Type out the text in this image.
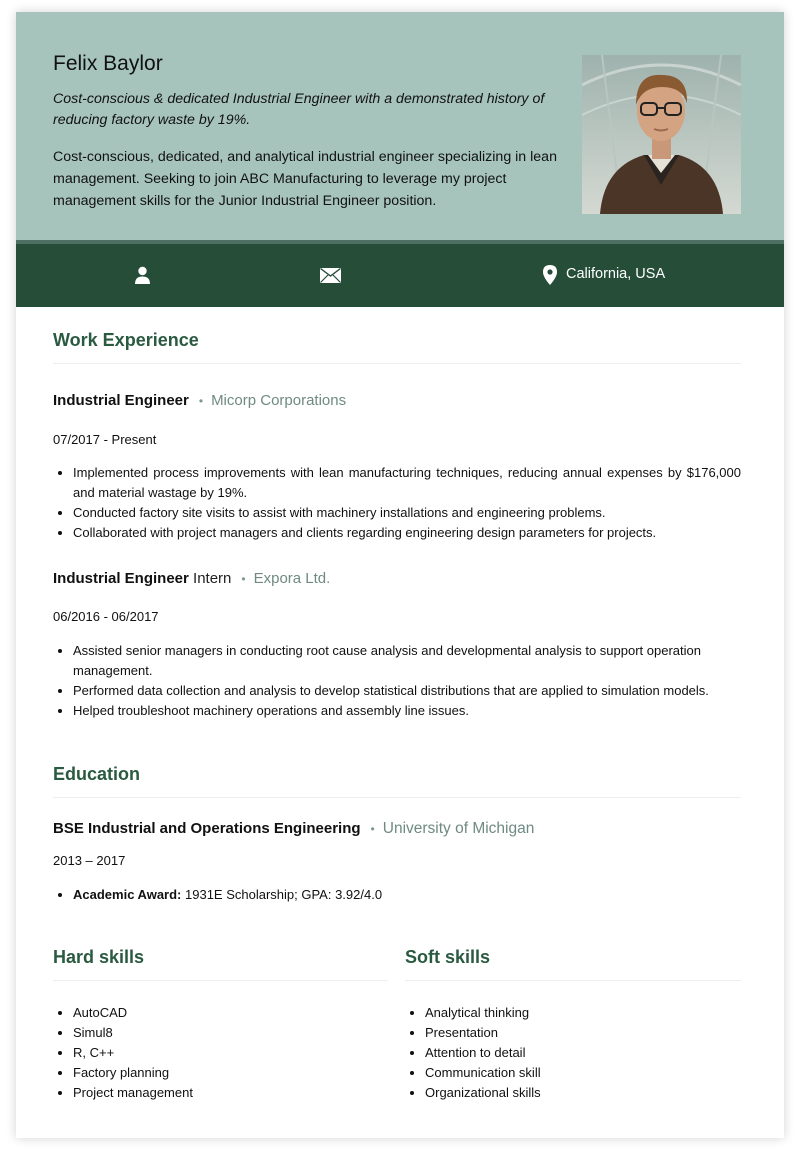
Felix Baylor
Cost-conscious & dedicated Industrial Engineer with a demonstrated history of reducing factory waste by 19%.
Cost-conscious, dedicated, and analytical industrial engineer specializing in lean management. Seeking to join ABC Manufacturing to leverage my project management skills for the Junior Industrial Engineer position.
California, USA
Work Experience
Industrial Engineer • Micorp Corporations
07/2017 - Present
• Implemented process improvements with lean manufacturing techniques, reducing annual expenses by $176,000 and material wastage by 19%.
• Conducted factory site visits to assist with machinery installations and engineering problems.
• Collaborated with project managers and clients regarding engineering design parameters for projects.
Industrial Engineer Intern • Expora Ltd.
06/2016 - 06/2017
• Assisted senior managers in conducting root cause analysis and developmental analysis to support operation management.
• Performed data collection and analysis to develop statistical distributions that are applied to simulation models.
• Helped troubleshoot machinery operations and assembly line issues.
Education
BSE Industrial and Operations Engineering • University of Michigan
2013 – 2017
• Academic Award: 1931E Scholarship; GPA: 3.92/4.0
Hard skills
• AutoCAD
• Simul8
• R, C++
• Factory planning
• Project management
Soft skills
• Analytical thinking
• Presentation
• Attention to detail
• Communication skill
• Organizational skills
